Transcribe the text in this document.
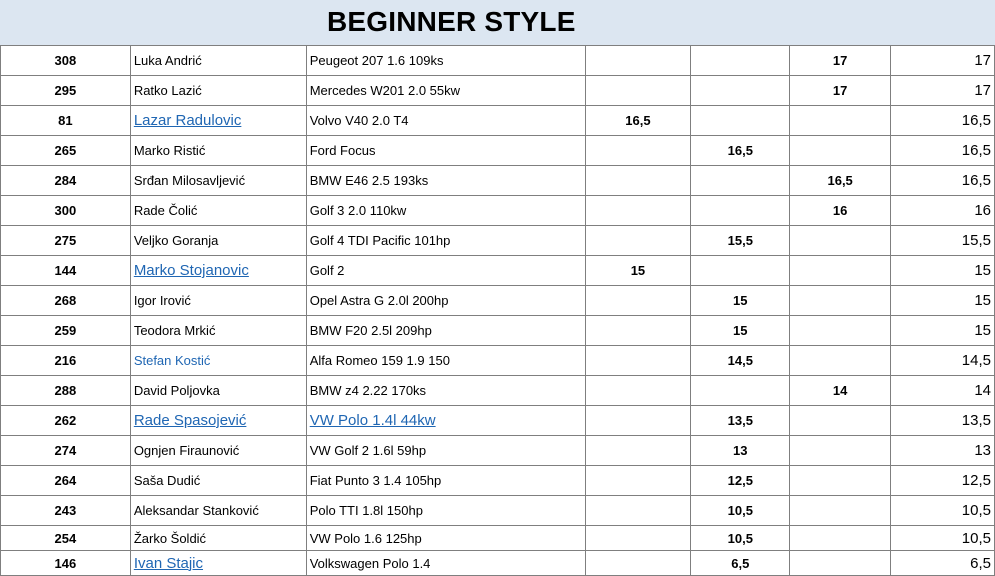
BEGINNER STYLE
308	Luka Andrić	Peugeot 207 1.6 109ks			17	17
295	Ratko Lazić	Mercedes W201 2.0 55kw			17	17
81	Lazar Radulovic	Volvo V40 2.0 T4	16,5			16,5
265	Marko Ristić	Ford Focus		16,5		16,5
284	Srđan Milosavljević	BMW E46 2.5 193ks			16,5	16,5
300	Rade Čolić	Golf 3 2.0 110kw			16	16
275	Veljko Goranja	Golf 4 TDI Pacific 101hp		15,5		15,5
144	Marko Stojanovic	Golf 2	15			15
268	Igor Irović	Opel Astra G 2.0l 200hp		15		15
259	Teodora Mrkić	BMW F20 2.5l 209hp		15		15
216	Stefan Kostić	Alfa Romeo 159 1.9 150		14,5		14,5
288	David Poljovka	BMW z4 2.22 170ks			14	14
262	Rade Spasojević	VW Polo 1.4l 44kw		13,5		13,5
274	Ognjen Firaunović	VW Golf 2 1.6l 59hp		13		13
264	Saša Dudić	Fiat Punto 3 1.4 105hp		12,5		12,5
243	Aleksandar Stanković	Polo TTI 1.8l 150hp		10,5		10,5
254	Žarko Šoldić	VW Polo 1.6 125hp		10,5		10,5
146	Ivan Stajic	Volkswagen Polo 1.4		6,5		6,5
